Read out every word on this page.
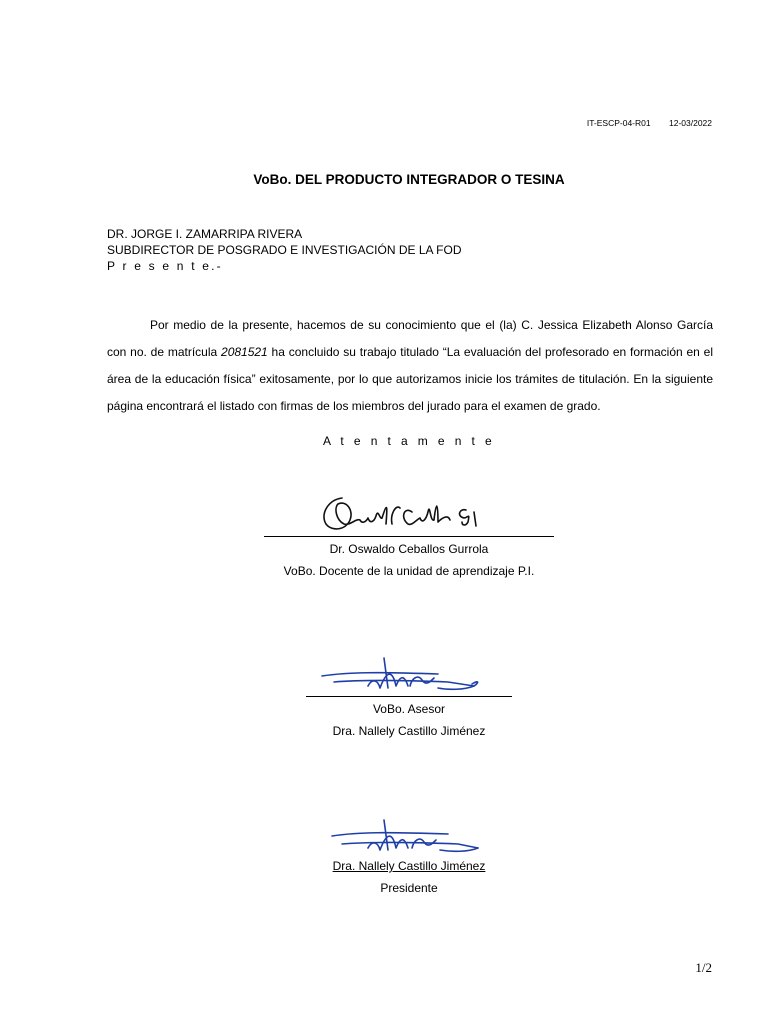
IT-ESCP-04-R01 12-03/2022
VoBo. DEL PRODUCTO INTEGRADOR O TESINA
DR. JORGE I. ZAMARRIPA RIVERA
SUBDIRECTOR DE POSGRADO E INVESTIGACIÓN DE LA FOD
P r e s e n t e.-
Por medio de la presente, hacemos de su conocimiento que el (la) C. Jessica Elizabeth Alonso García con no. de matrícula 2081521 ha concluido su trabajo titulado “La evaluación del profesorado en formación en el área de la educación física” exitosamente, por lo que autorizamos inicie los trámites de titulación. En la siguiente página encontrará el listado con firmas de los miembros del jurado para el examen de grado.
A t e n t a m e n t e
Dr. Oswaldo Ceballos Gurrola
VoBo. Docente de la unidad de aprendizaje P.I.
VoBo. Asesor
Dra. Nallely Castillo Jiménez
Dra. Nallely Castillo Jiménez
Presidente
1/2
